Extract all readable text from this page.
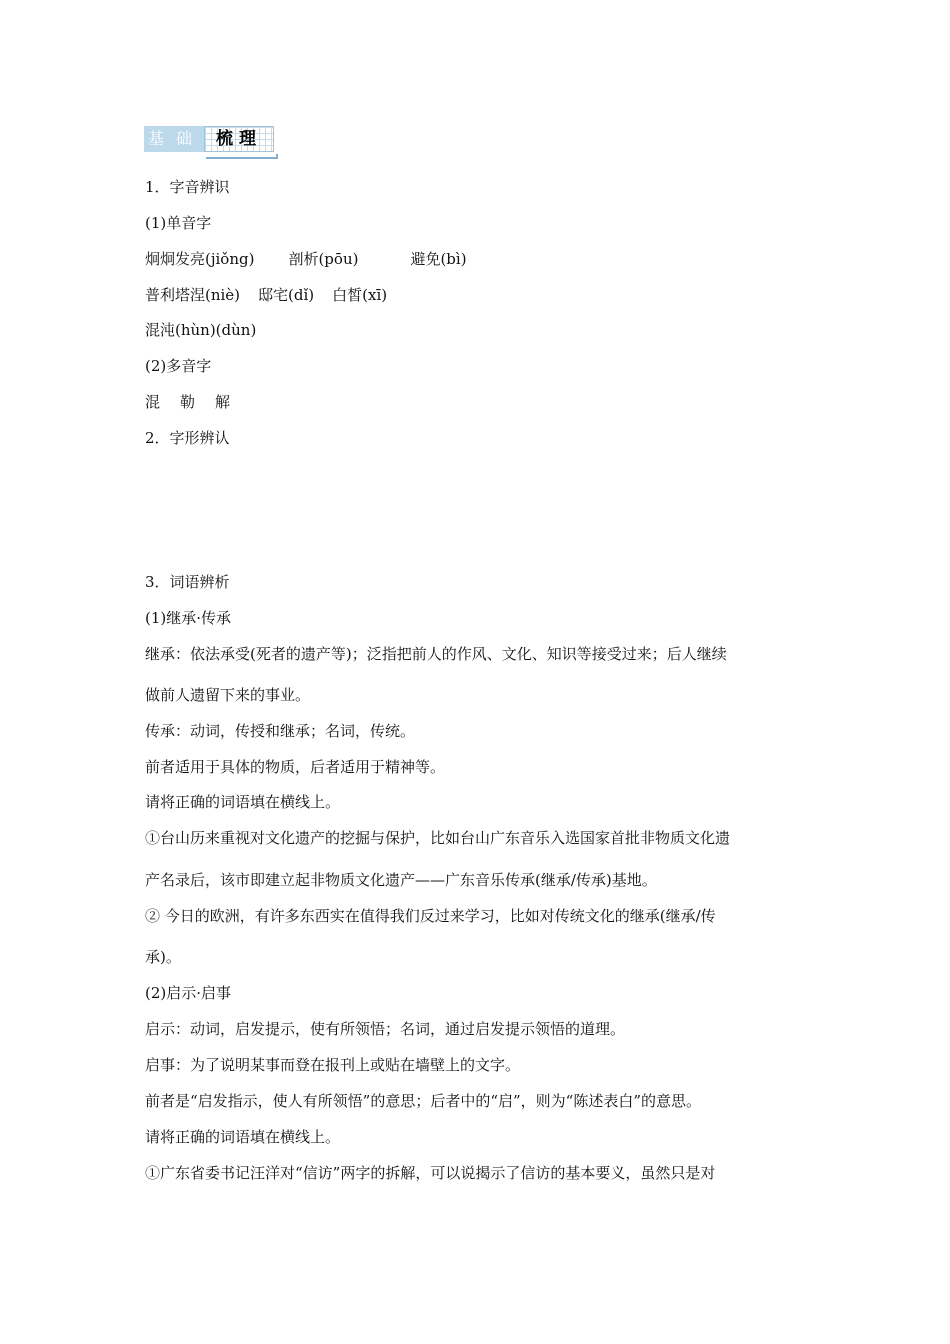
基础 梳理

1．字音辨识

(1)单音字

炯炯发亮(jiǒng) 剖析(pōu)	避免(bì)

普利塔涅(niè) 邸宅(dǐ) 白皙(xī)

混沌(hùn)(dùn)

(2)多音字

混 勒 解

2．字形辨认

3．词语辨析

(1)继承·传承

继承：依法承受(死者的遗产等)；泛指把前人的作风、文化、知识等接受过来；后人继续

做前人遗留下来的事业。

传承：动词，传授和继承；名词，传统。

前者适用于具体的物质，后者适用于精神等。

请将正确的词语填在横线上。

①台山历来重视对文化遗产的挖掘与保护，比如台山广东音乐入选国家首批非物质文化遗

产名录后，该市即建立起非物质文化遗产——广东音乐传承(继承/传承)基地。

② 今日的欧洲，有许多东西实在值得我们反过来学习，比如对传统文化的继承(继承/传

承)。

(2)启示·启事

启示：动词，启发提示，使有所领悟；名词，通过启发提示领悟的道理。

启事：为了说明某事而登在报刊上或贴在墙壁上的文字。

前者是“启发指示，使人有所领悟”的意思；后者中的“启”，则为“陈述表白”的意思。

请将正确的词语填在横线上。

①广东省委书记汪洋对“信访”两字的拆解，可以说揭示了信访的基本要义，虽然只是对
